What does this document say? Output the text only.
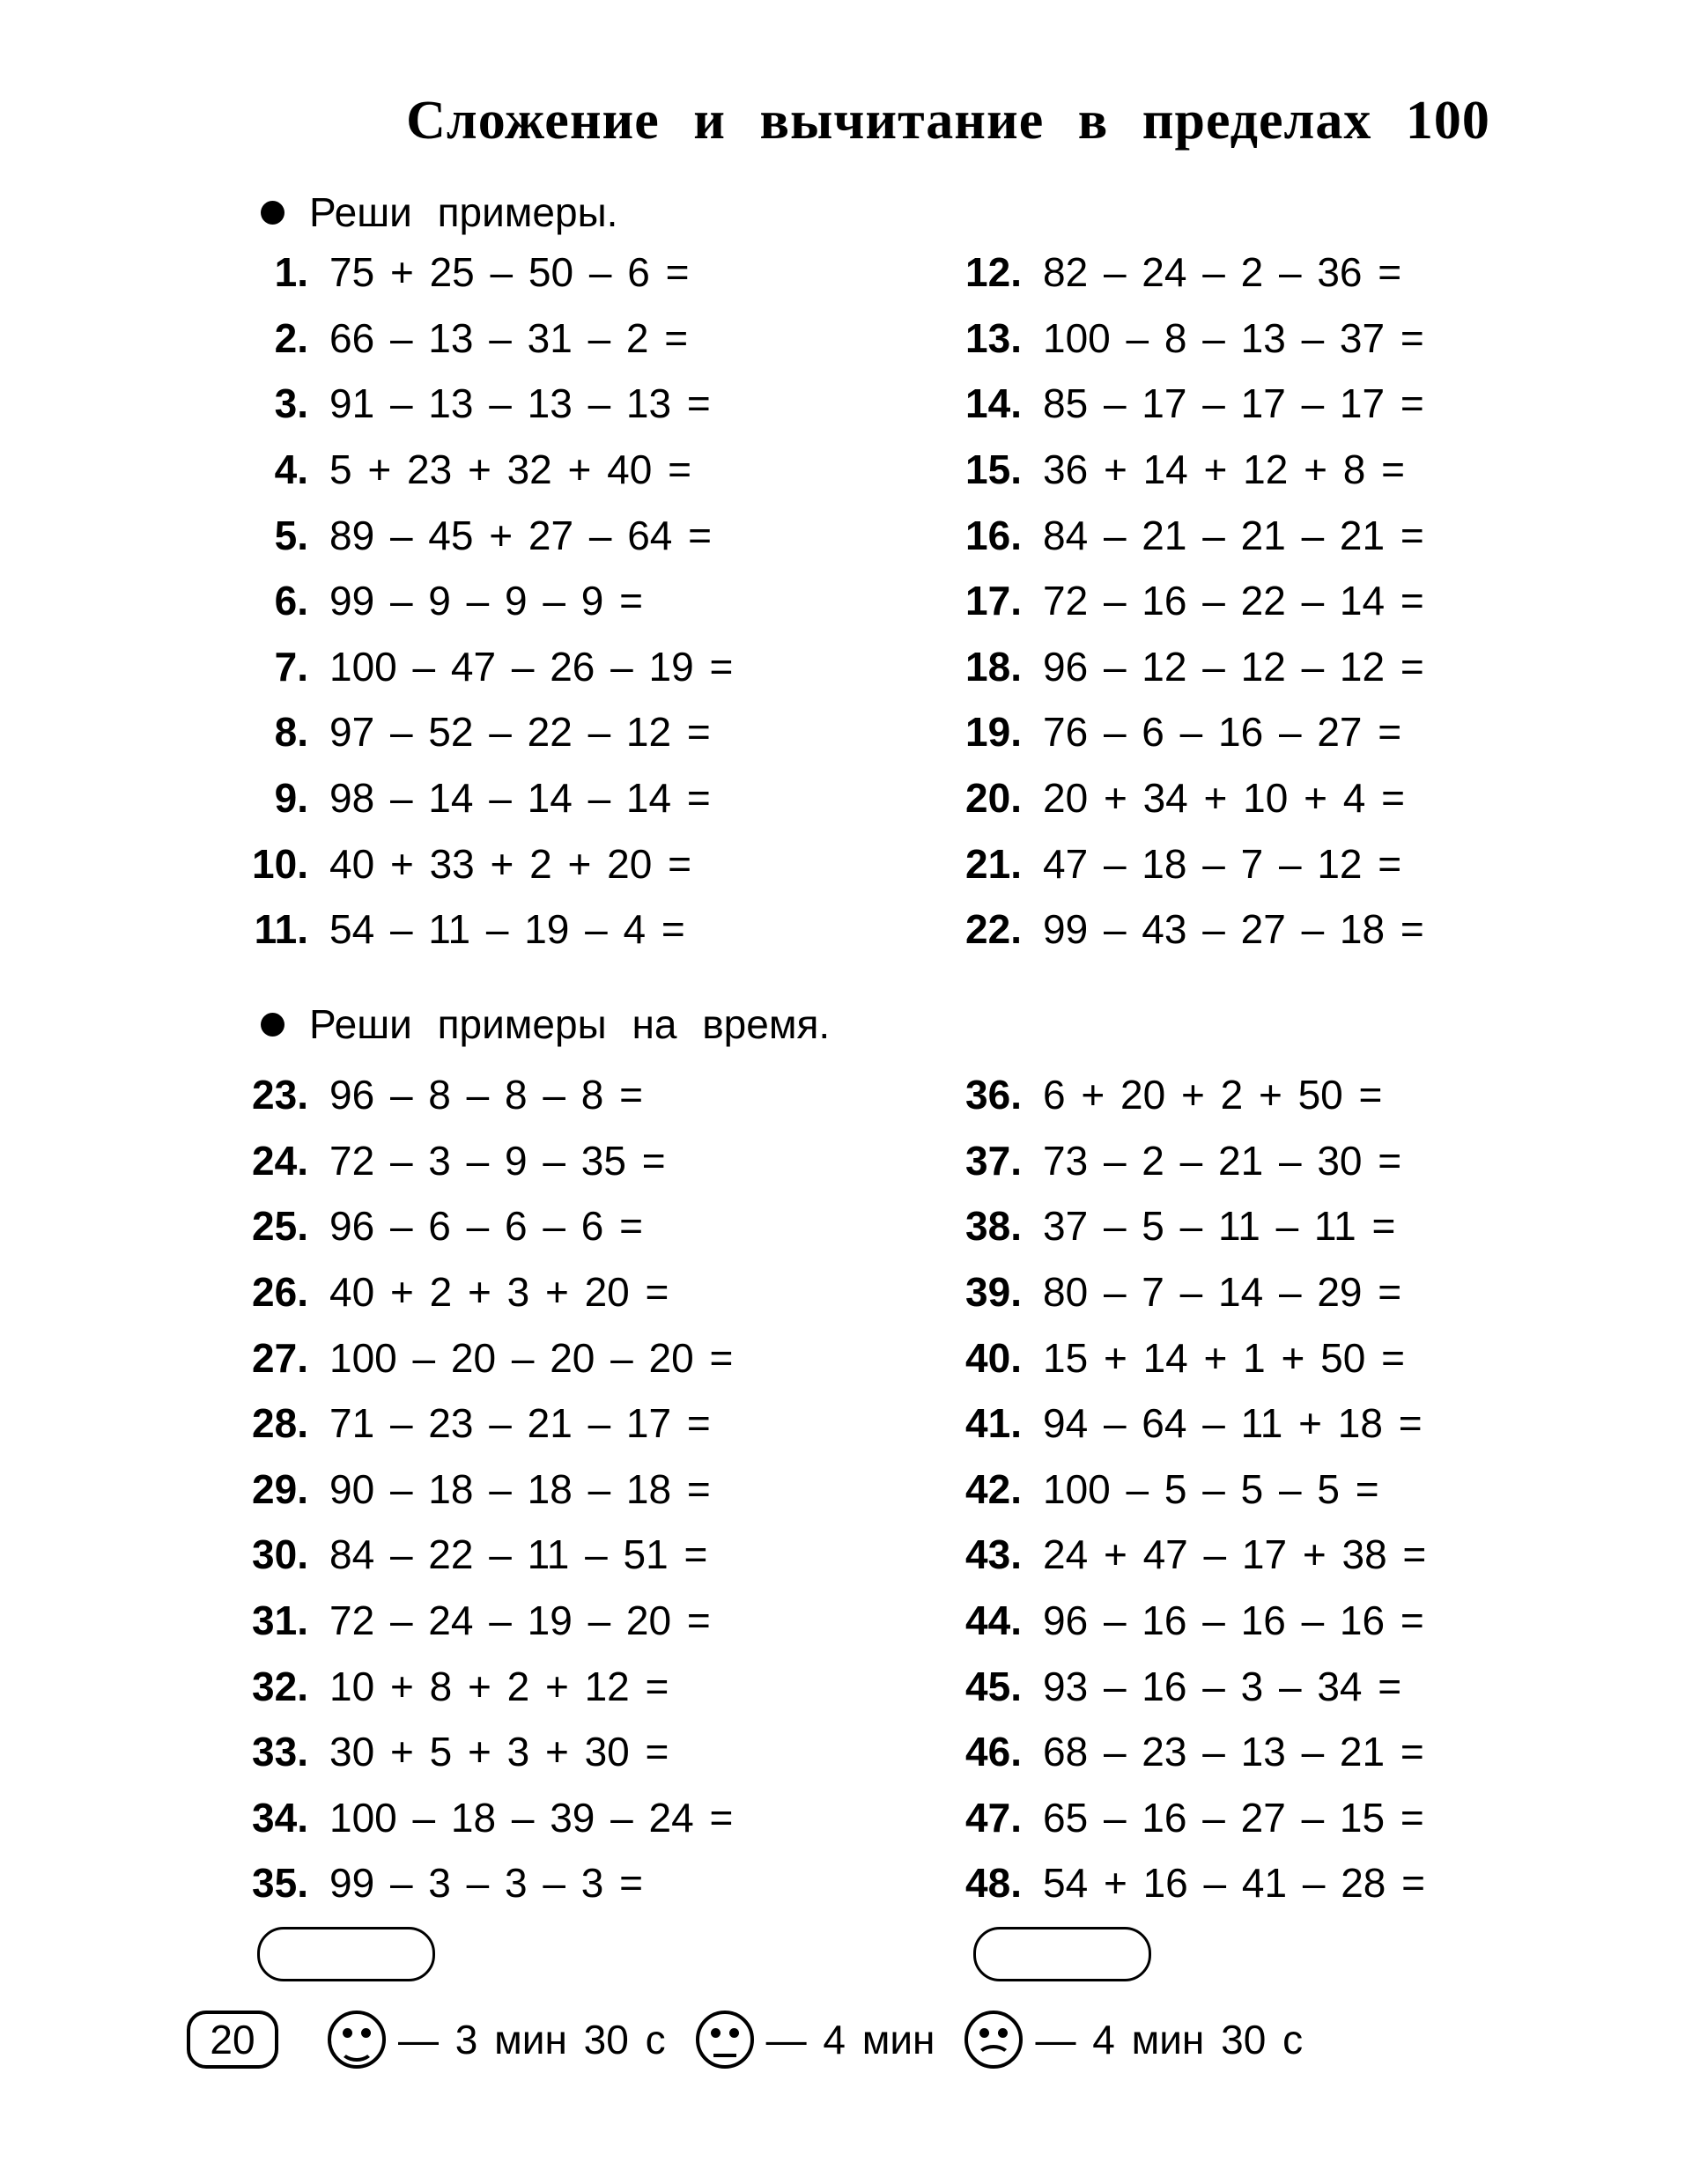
Сложение и вычитание в пределах 100
Реши примеры.
1. 75 + 25 – 50 – 6 =
2. 66 – 13 – 31 – 2 =
3. 91 – 13 – 13 – 13 =
4. 5 + 23 + 32 + 40 =
5. 89 – 45 + 27 – 64 =
6. 99 – 9 – 9 – 9 =
7. 100 – 47 – 26 – 19 =
8. 97 – 52 – 22 – 12 =
9. 98 – 14 – 14 – 14 =
10. 40 + 33 + 2 + 20 =
11. 54 – 11 – 19 – 4 =
12. 82 – 24 – 2 – 36 =
13. 100 – 8 – 13 – 37 =
14. 85 – 17 – 17 – 17 =
15. 36 + 14 + 12 + 8 =
16. 84 – 21 – 21 – 21 =
17. 72 – 16 – 22 – 14 =
18. 96 – 12 – 12 – 12 =
19. 76 – 6 – 16 – 27 =
20. 20 + 34 + 10 + 4 =
21. 47 – 18 – 7 – 12 =
22. 99 – 43 – 27 – 18 =
Реши примеры на время.
23. 96 – 8 – 8 – 8 =
24. 72 – 3 – 9 – 35 =
25. 96 – 6 – 6 – 6 =
26. 40 + 2 + 3 + 20 =
27. 100 – 20 – 20 – 20 =
28. 71 – 23 – 21 – 17 =
29. 90 – 18 – 18 – 18 =
30. 84 – 22 – 11 – 51 =
31. 72 – 24 – 19 – 20 =
32. 10 + 8 + 2 + 12 =
33. 30 + 5 + 3 + 30 =
34. 100 – 18 – 39 – 24 =
35. 99 – 3 – 3 – 3 =
36. 6 + 20 + 2 + 50 =
37. 73 – 2 – 21 – 30 =
38. 37 – 5 – 11 – 11 =
39. 80 – 7 – 14 – 29 =
40. 15 + 14 + 1 + 50 =
41. 94 – 64 – 11 + 18 =
42. 100 – 5 – 5 – 5 =
43. 24 + 47 – 17 + 38 =
44. 96 – 16 – 16 – 16 =
45. 93 – 16 – 3 – 34 =
46. 68 – 23 – 13 – 21 =
47. 65 – 16 – 27 – 15 =
48. 54 + 16 – 41 – 28 =
20	— 3 мин 30 с — 4 мин — 4 мин 30 с
